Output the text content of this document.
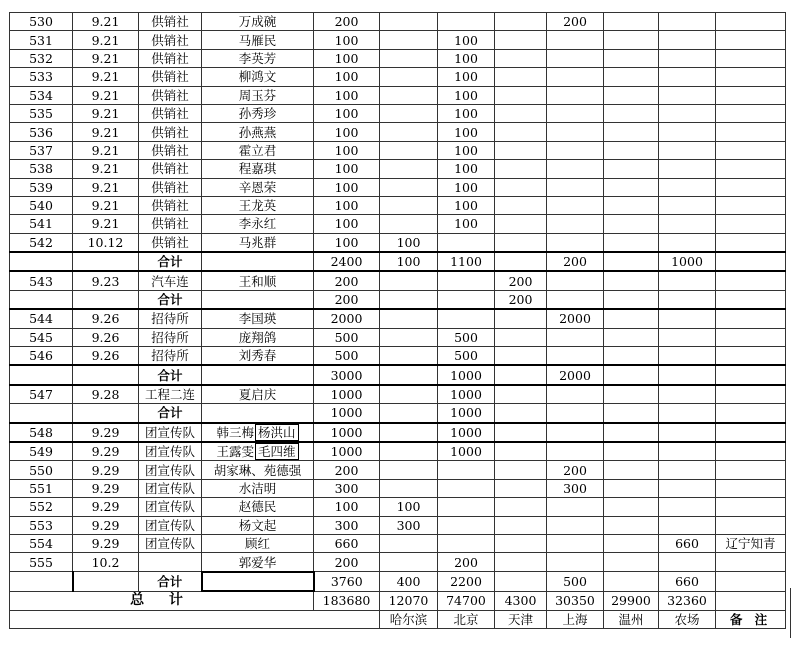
530	9.21	供销社	万成碗	200				200			
531	9.21	供销社	马雁民	100		100					
532	9.21	供销社	李英芳	100		100					
533	9.21	供销社	柳鸿文	100		100					
534	9.21	供销社	周玉芬	100		100					
535	9.21	供销社	孙秀珍	100		100					
536	9.21	供销社	孙燕燕	100		100					
537	9.21	供销社	霍立君	100		100					
538	9.21	供销社	程嘉琪	100		100					
539	9.21	供销社	辛恩荣	100		100					
540	9.21	供销社	王龙英	100		100					
541	9.21	供销社	李永红	100		100					
542	10.12	供销社	马兆群	100	100						
		合计		2400	100	1100		200		1000	
543	9.23	汽车连	王和顺	200			200				
		合计		200			200				
544	9.26	招待所	李国瑛	2000				2000			
545	9.26	招待所	庞翔鸽	500		500					
546	9.26	招待所	刘秀春	500		500					
		合计		3000		1000		2000			
547	9.28	工程二连	夏启庆	1000		1000					
		合计		1000		1000					
548	9.29	团宣传队	韩三梅 杨洪山	1000		1000					
549	9.29	团宣传队	王露雯 毛四维	1000		1000					
550	9.29	团宣传队	胡家琳、苑德强	200				200			
551	9.29	团宣传队	水洁明	300				300			
552	9.29	团宣传队	赵德民	100	100						
553	9.29	团宣传队	杨文起	300	300						
554	9.29	团宣传队	顾红	660						660	辽宁知青
555	10.2		郭爱华	200		200					
		合计		3760	400	2200		500		660	
总 计				183680	12070	74700	4300	30350	29900	32360	
					哈尔滨	北京	天津	上海	温州	农场	备 注
